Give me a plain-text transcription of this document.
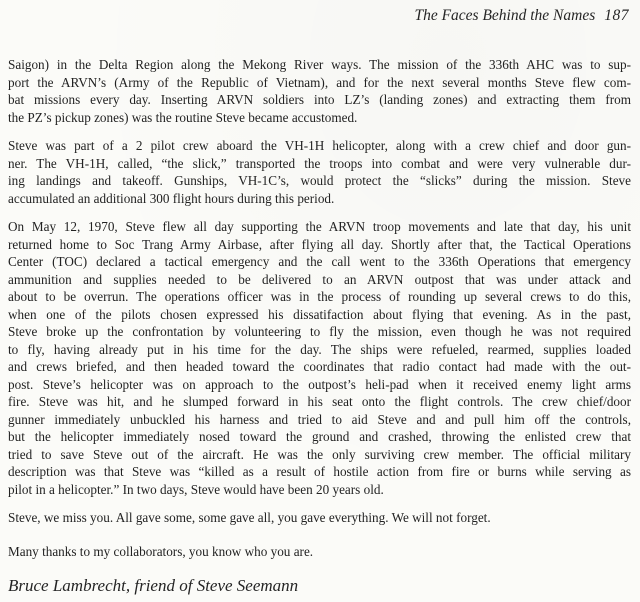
The Faces Behind the Names 187
Saigon) in the Delta Region along the Mekong River ways. The mission of the 336th AHC was to sup-
port the ARVN’s (Army of the Republic of Vietnam), and for the next several months Steve flew com-
bat missions every day. Inserting ARVN soldiers into LZ’s (landing zones) and extracting them from
the PZ’s pickup zones) was the routine Steve became accustomed.
Steve was part of a 2 pilot crew aboard the VH-1H helicopter, along with a crew chief and door gun-
ner. The VH-1H, called, “the slick,” transported the troops into combat and were very vulnerable dur-
ing landings and takeoff. Gunships, VH-1C’s, would protect the “slicks” during the mission. Steve
accumulated an additional 300 flight hours during this period.
On May 12, 1970, Steve flew all day supporting the ARVN troop movements and late that day, his unit
returned home to Soc Trang Army Airbase, after flying all day. Shortly after that, the Tactical Operations
Center (TOC) declared a tactical emergency and the call went to the 336th Operations that emergency
ammunition and supplies needed to be delivered to an ARVN outpost that was under attack and
about to be overrun. The operations officer was in the process of rounding up several crews to do this,
when one of the pilots chosen expressed his dissatifaction about flying that evening. As in the past,
Steve broke up the confrontation by volunteering to fly the mission, even though he was not required
to fly, having already put in his time for the day. The ships were refueled, rearmed, supplies loaded
and crews briefed, and then headed toward the coordinates that radio contact had made with the out-
post. Steve’s helicopter was on approach to the outpost’s heli-pad when it received enemy light arms
fire. Steve was hit, and he slumped forward in his seat onto the flight controls. The crew chief/door
gunner immediately unbuckled his harness and tried to aid Steve and and pull him off the controls,
but the helicopter immediately nosed toward the ground and crashed, throwing the enlisted crew that
tried to save Steve out of the aircraft. He was the only surviving crew member. The official military
description was that Steve was “killed as a result of hostile action from fire or burns while serving as
pilot in a helicopter.” In two days, Steve would have been 20 years old.
Steve, we miss you. All gave some, some gave all, you gave everything. We will not forget.
Many thanks to my collaborators, you know who you are.
Bruce Lambrecht, friend of Steve Seemann
